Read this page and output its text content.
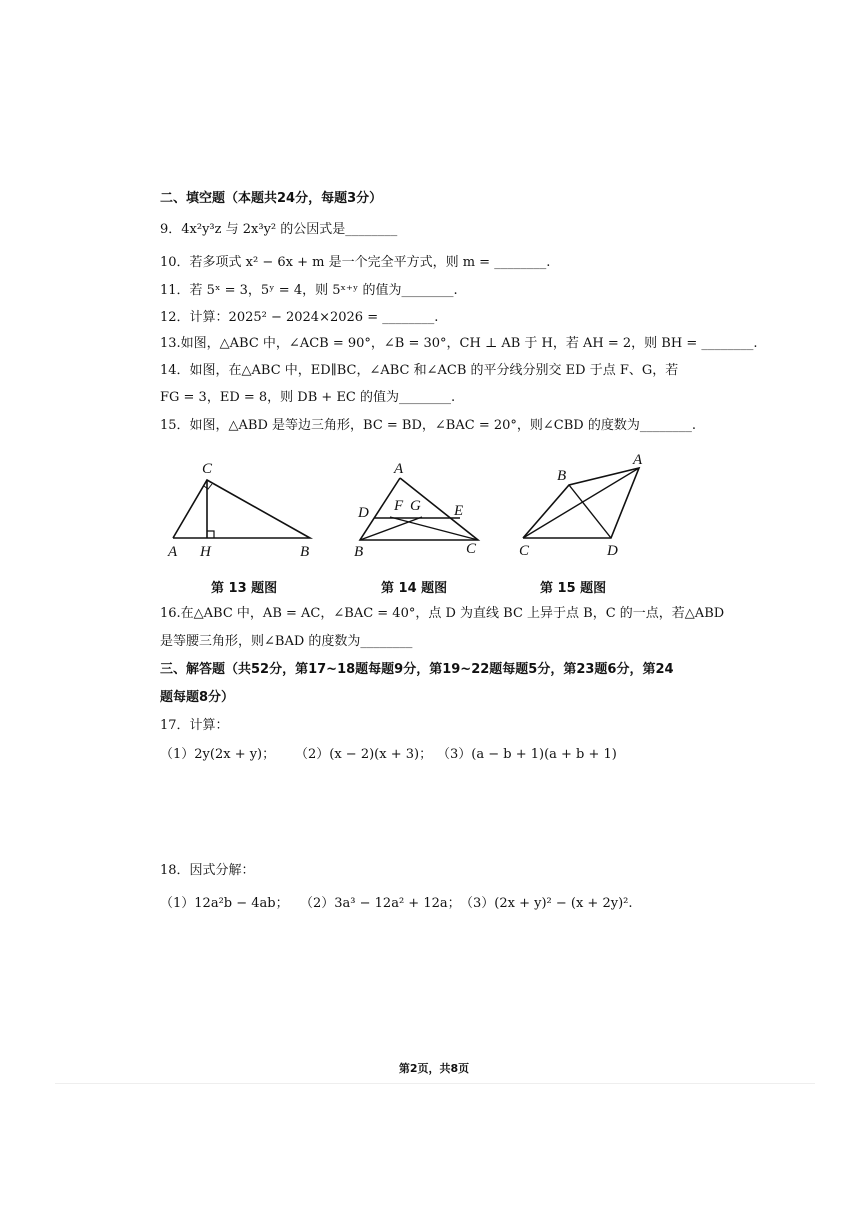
二、填空题（本题共24分，每题3分）
9．4x²y³z 与 2x³y² 的公因式是________
10．若多项式 x² − 6x + m 是一个完全平方式，则 m = ________.
11．若 5ˣ = 3，5ʸ = 4，则 5ˣ⁺ʸ 的值为________.
12．计算：2025² − 2024×2026 = ________.
13.如图，△ABC 中，∠ACB = 90°，∠B = 30°，CH ⊥ AB 于 H，若 AH = 2，则 BH = ________.
14．如图，在△ABC 中，ED∥BC，∠ABC 和∠ACB 的平分线分别交 ED 于点 F、G，若
FG = 3，ED = 8，则 DB + EC 的值为________.
15．如图，△ABD 是等边三角形，BC = BD，∠BAC = 20°，则∠CBD 的度数为________.
C
A H	B
第 13 题图
A
D F G E
B	C
第 14 题图
A
B
C	D
第 15 题图
16.在△ABC 中，AB = AC，∠BAC = 40°，点 D 为直线 BC 上异于点 B，C 的一点，若△ABD
是等腰三角形，则∠BAD 的度数为________
三、解答题（共52分，第17~18题每题9分，第19~22题每题5分，第23题6分，第24
题每题8分）
17．计算：
（1）2y(2x + y)； （2）(x − 2)(x + 3)； （3）(a − b + 1)(a + b + 1)
18．因式分解：
（1）12a²b − 4ab； （2）3a³ − 12a² + 12a； （3）(2x + y)² − (x + 2y)².
第2页，共8页
